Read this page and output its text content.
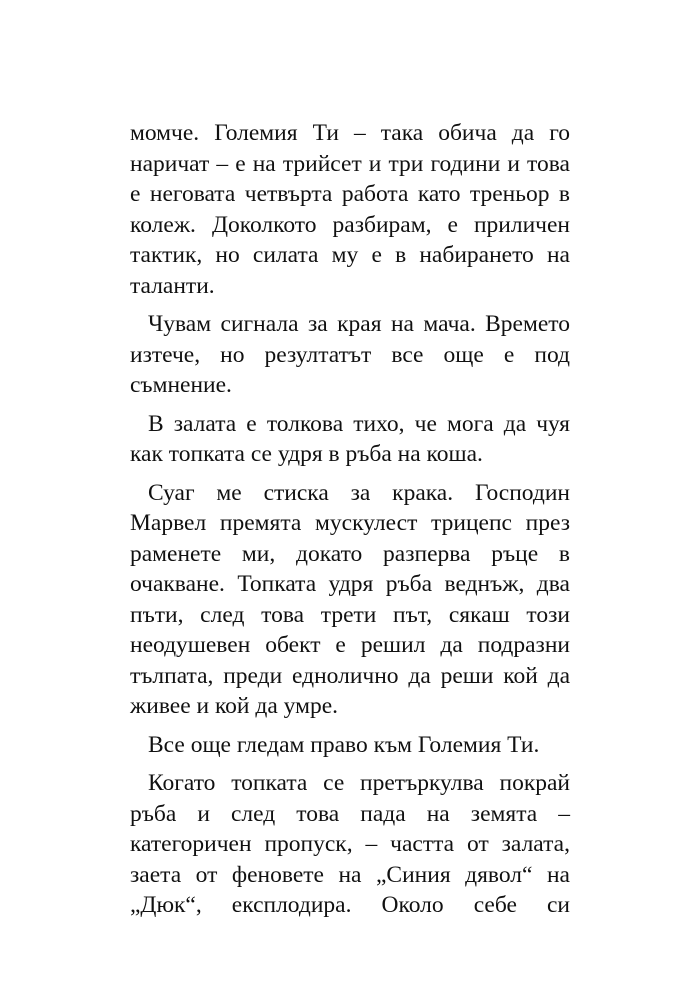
момче. Големия Ти – така обича да го наричат – е на трийсет и три години и това е неговата четвърта работа като треньор в колеж. Доколкото разбирам, е приличен тактик, но силата му е в набирането на таланти.

Чувам сигнала за края на мача. Времето изтече, но резултатът все още е под съмнение.

В залата е толкова тихо, че мога да чуя как топката се удря в ръба на коша.

Суаг ме стиска за крака. Господин Марвел премята мускулест трицепс през раменете ми, докато разперва ръце в очакване. Топката удря ръба веднъж, два пъти, след това трети път, сякаш този неодушевен обект е решил да подразни тълпата, преди еднолично да реши кой да живее и кой да умре.

Все още гледам право към Големия Ти.

Когато топката се претъркулва покрай ръба и след това пада на земята – категоричен пропуск, – частта от залата, заета от феновете на „Синия дявол“ на „Дюк“, експлодира. Около себе си
